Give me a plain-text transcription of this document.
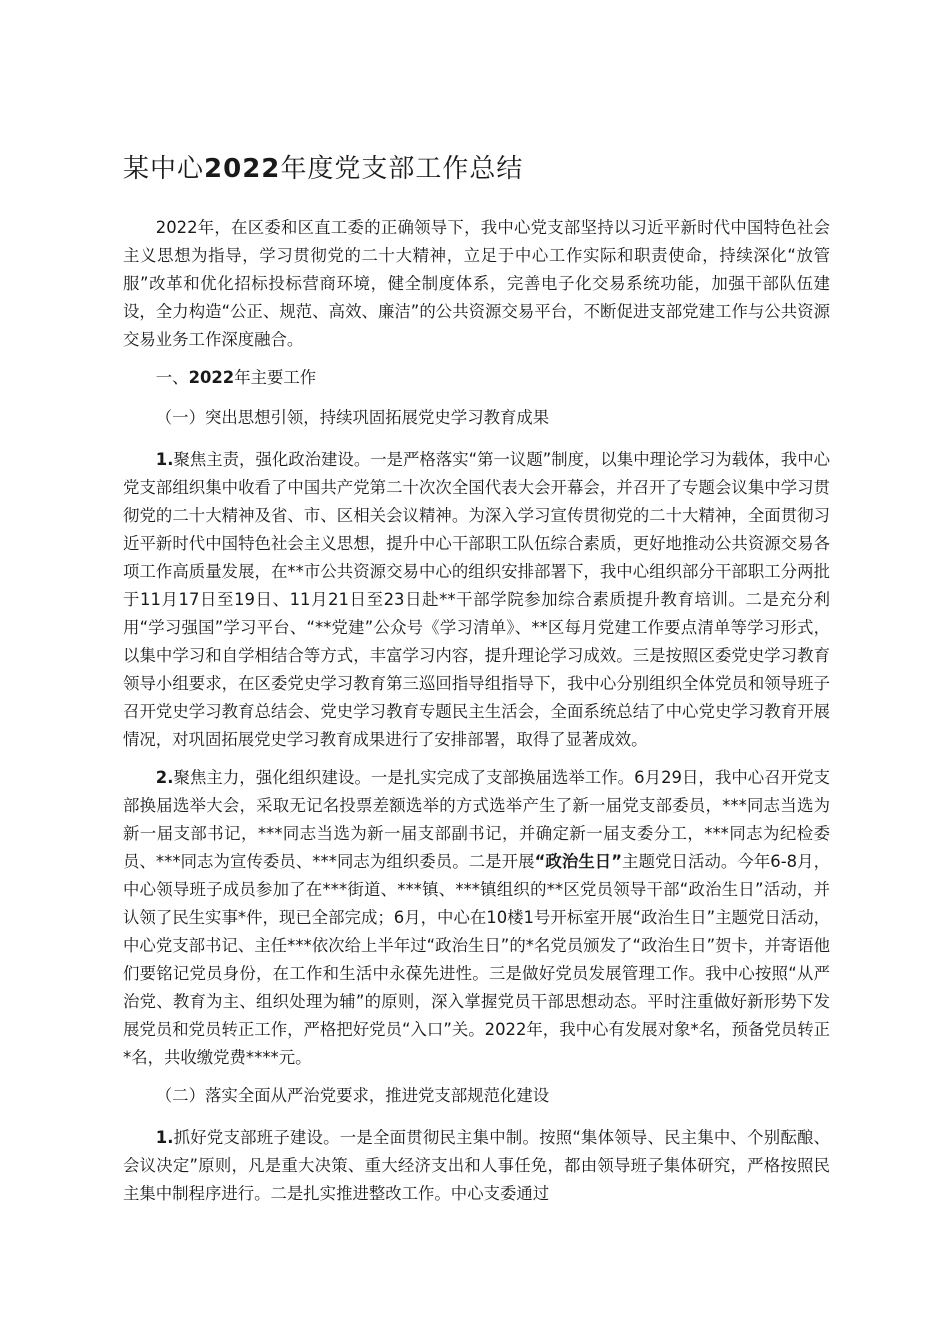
某中心2022年度党支部工作总结

2022年，在区委和区直工委的正确领导下，我中心党支部坚持以习近平新时代中国特色社会主义思想为指导，学习贯彻党的二十大精神，立足于中心工作实际和职责使命，持续深化“放管服”改革和优化招标投标营商环境，健全制度体系，完善电子化交易系统功能，加强干部队伍建设，全力构造“公正、规范、高效、廉洁”的公共资源交易平台，不断促进支部党建工作与公共资源交易业务工作深度融合。

一、2022年主要工作

（一）突出思想引领，持续巩固拓展党史学习教育成果

1.聚焦主责，强化政治建设。一是严格落实“第一议题”制度，以集中理论学习为载体，我中心党支部组织集中收看了中国共产党第二十次次全国代表大会开幕会，并召开了专题会议集中学习贯彻党的二十大精神及省、市、区相关会议精神。为深入学习宣传贯彻党的二十大精神，全面贯彻习近平新时代中国特色社会主义思想，提升中心干部职工队伍综合素质，更好地推动公共资源交易各项工作高质量发展，在**市公共资源交易中心的组织安排部署下，我中心组织部分干部职工分两批于11月17日至19日、11月21日至23日赴**干部学院参加综合素质提升教育培训。二是充分利用“学习强国”学习平台、“**党建”公众号《学习清单》、**区每月党建工作要点清单等学习形式，以集中学习和自学相结合等方式，丰富学习内容，提升理论学习成效。三是按照区委党史学习教育领导小组要求，在区委党史学习教育第三巡回指导组指导下，我中心分别组织全体党员和领导班子召开党史学习教育总结会、党史学习教育专题民主生活会，全面系统总结了中心党史学习教育开展情况，对巩固拓展党史学习教育成果进行了安排部署，取得了显著成效。

2.聚焦主力，强化组织建设。一是扎实完成了支部换届选举工作。6月29日，我中心召开党支部换届选举大会，采取无记名投票差额选举的方式选举产生了新一届党支部委员，***同志当选为新一届支部书记，***同志当选为新一届支部副书记，并确定新一届支委分工，***同志为纪检委员、***同志为宣传委员、***同志为组织委员。二是开展“政治生日”主题党日活动。今年6-8月，中心领导班子成员参加了在***街道、***镇、***镇组织的**区党员领导干部“政治生日”活动，并认领了民生实事*件，现已全部完成；6月，中心在10楼1号开标室开展“政治生日”主题党日活动，中心党支部书记、主任***依次给上半年过“政治生日”的*名党员颁发了“政治生日”贺卡，并寄语他们要铭记党员身份，在工作和生活中永葆先进性。三是做好党员发展管理工作。我中心按照“从严治党、教育为主、组织处理为辅”的原则，深入掌握党员干部思想动态。平时注重做好新形势下发展党员和党员转正工作，严格把好党员“入口”关。2022年，我中心有发展对象*名，预备党员转正*名，共收缴党费****元。

（二）落实全面从严治党要求，推进党支部规范化建设

1.抓好党支部班子建设。一是全面贯彻民主集中制。按照“集体领导、民主集中、个别酝酿、会议决定”原则，凡是重大决策、重大经济支出和人事任免，都由领导班子集体研究，严格按照民主集中制程序进行。二是扎实推进整改工作。中心支委通过
